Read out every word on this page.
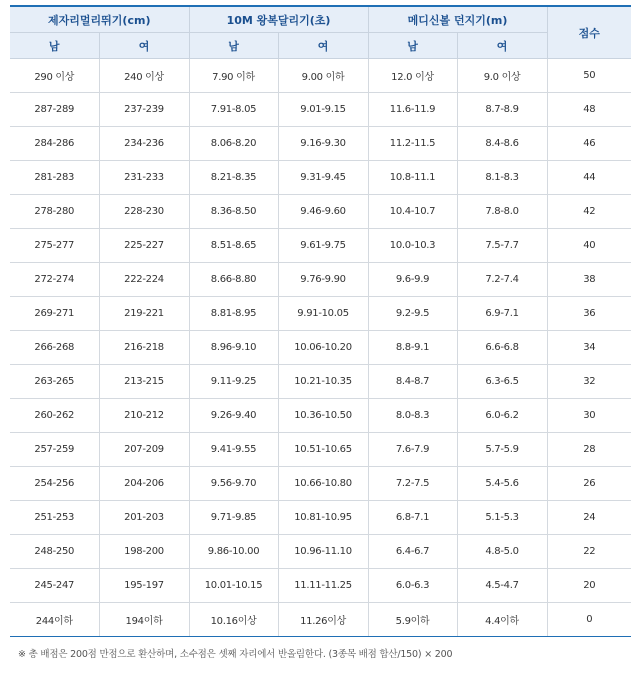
제자리멀리뛰기(cm)		10M 왕복달리기(초)		메디신볼 던지기(m)		점수
남	여	남	여	남	여	
290 이상	240 이상	7.90 이하	9.00 이하	12.0 이상	9.0 이상	50
287-289	237-239	7.91-8.05	9.01-9.15	11.6-11.9	8.7-8.9	48
284-286	234-236	8.06-8.20	9.16-9.30	11.2-11.5	8.4-8.6	46
281-283	231-233	8.21-8.35	9.31-9.45	10.8-11.1	8.1-8.3	44
278-280	228-230	8.36-8.50	9.46-9.60	10.4-10.7	7.8-8.0	42
275-277	225-227	8.51-8.65	9.61-9.75	10.0-10.3	7.5-7.7	40
272-274	222-224	8.66-8.80	9.76-9.90	9.6-9.9	7.2-7.4	38
269-271	219-221	8.81-8.95	9.91-10.05	9.2-9.5	6.9-7.1	36
266-268	216-218	8.96-9.10	10.06-10.20	8.8-9.1	6.6-6.8	34
263-265	213-215	9.11-9.25	10.21-10.35	8.4-8.7	6.3-6.5	32
260-262	210-212	9.26-9.40	10.36-10.50	8.0-8.3	6.0-6.2	30
257-259	207-209	9.41-9.55	10.51-10.65	7.6-7.9	5.7-5.9	28
254-256	204-206	9.56-9.70	10.66-10.80	7.2-7.5	5.4-5.6	26
251-253	201-203	9.71-9.85	10.81-10.95	6.8-7.1	5.1-5.3	24
248-250	198-200	9.86-10.00	10.96-11.10	6.4-6.7	4.8-5.0	22
245-247	195-197	10.01-10.15	11.11-11.25	6.0-6.3	4.5-4.7	20
244이하	194이하	10.16이상	11.26이상	5.9이하	4.4이하	0
※ 총 배점은 200점 만점으로 환산하며, 소수점은 셋째 자리에서 반올림한다. (3종목 배점 합산/150) × 200
